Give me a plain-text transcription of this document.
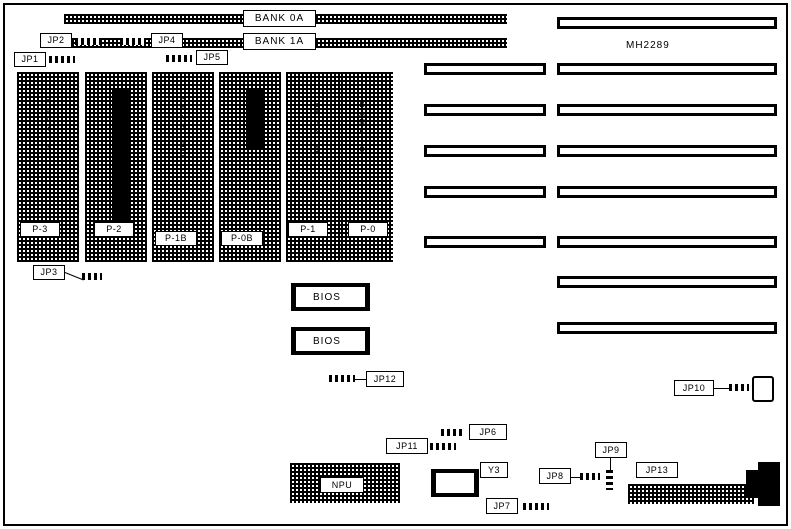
BANK 0A
BANK 1A
JP2	JP4
JP1	JP5
B
A
N
K

3
B
A
N
K

2
B
A
N
K

1
B
B
A
N
K
0
B
B
A
N
K

1
B
A
N
K

0
P-3	P-2
P-1B	P-0B
P-1	P-0
JP3
MH2289
BIOS
BIOS
JP12
JP10
JP6
JP11
Y3
JP9
JP8
JP7
JP13
NPU
